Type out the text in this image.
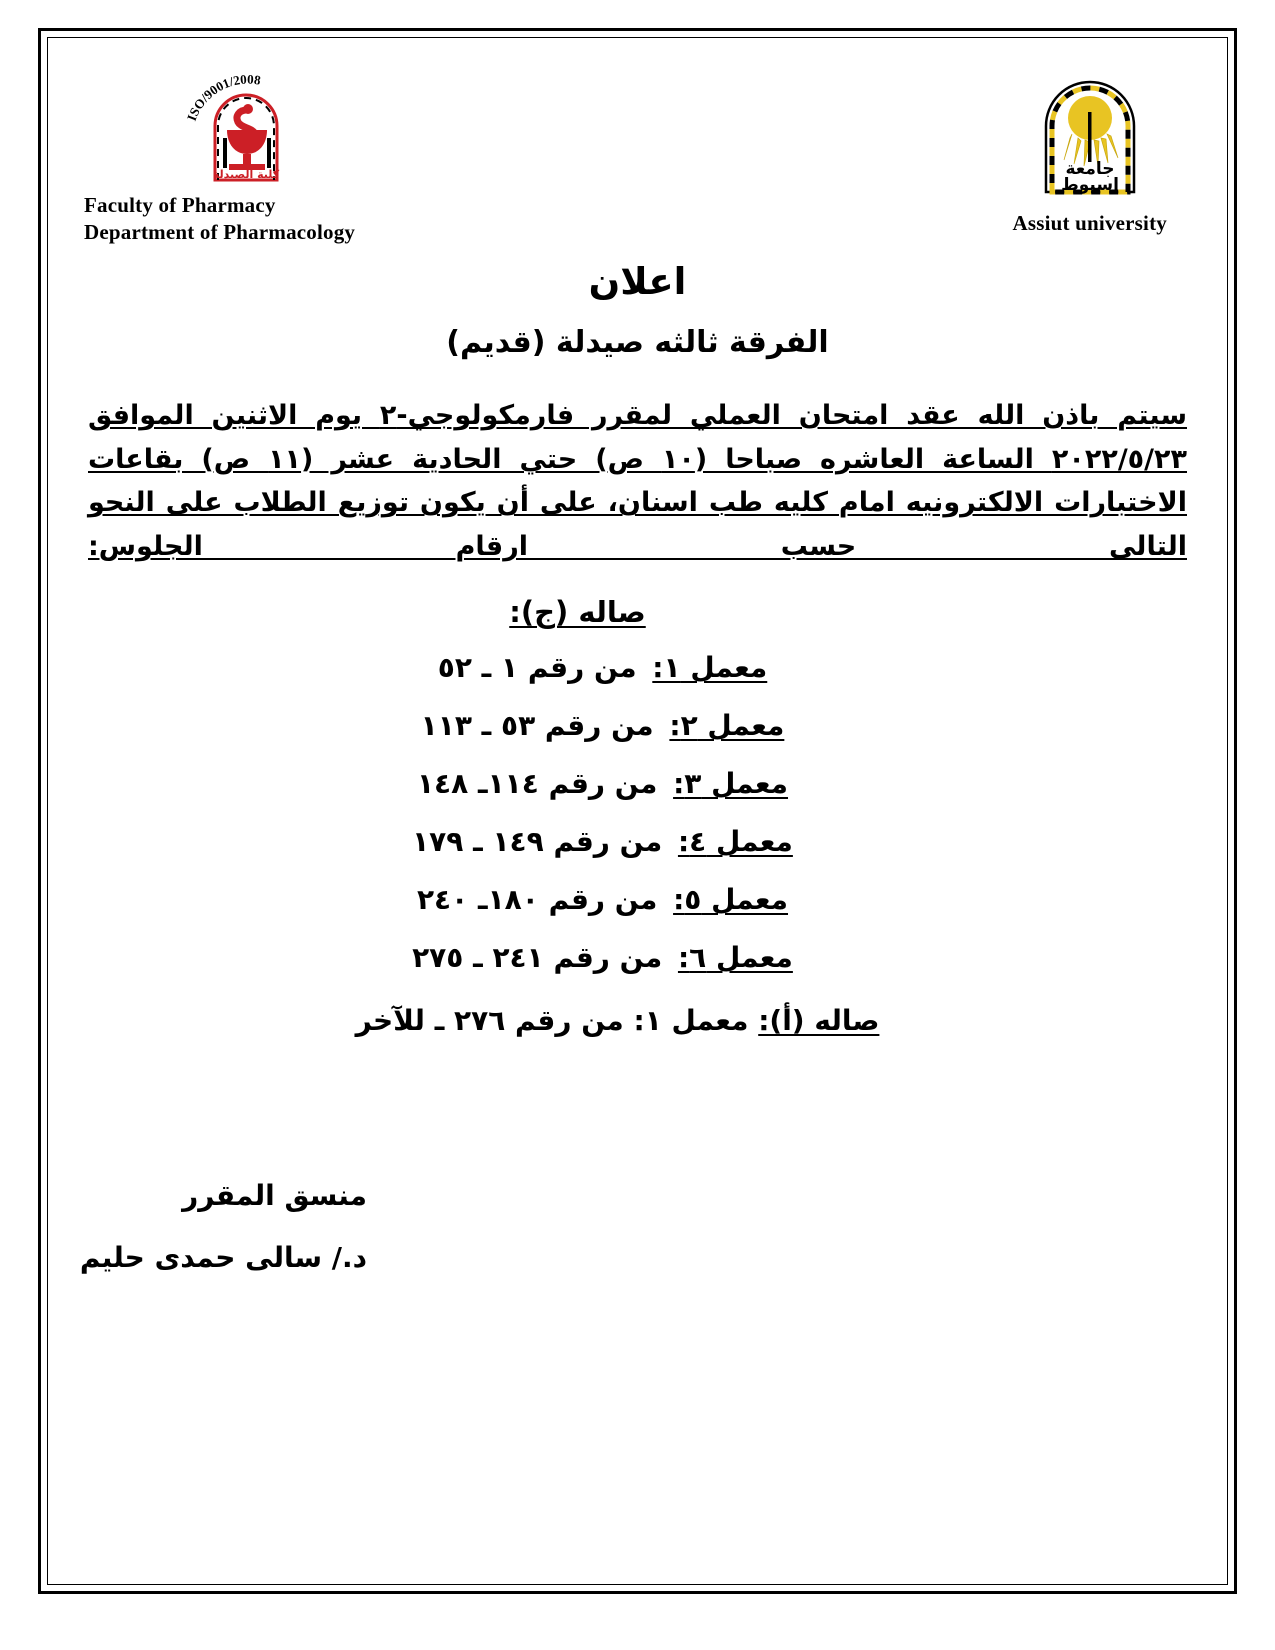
ISO/9001/2008
كلية الصيدلة
Faculty of Pharmacy
Department of Pharmacology
جامعة
اسيوط
Assiut university
اعلان
الفرقة ثالثه صيدلة (قديم)
سيتم باذن الله عقد امتحان العملي لمقرر فارمكولوجي-٢ يوم الاثنين الموافق ٢٠٢٢/٥/٢٣ الساعة العاشره صباحا (١٠ ص) حتي الحادية عشر (١١ ص) بقاعات الاختبارات الالكترونيه امام كليه طب اسنان، على أن يكون توزيع الطلاب على النحو التالى حسب ارقام الجلوس:
صاله (ج):
معمل ١: من رقم ١ ـ ٥٢
معمل ٢: من رقم ٥٣ ـ ١١٣
معمل ٣: من رقم ١١٤ـ ١٤٨
معمل ٤: من رقم ١٤٩ ـ ١٧٩
معمل ٥: من رقم ١٨٠ـ ٢٤٠
معمل ٦: من رقم ٢٤١ ـ ٢٧٥
صاله (أ): معمل ١: من رقم ٢٧٦ ـ للآخر
منسق المقرر
د./ سالى حمدى حليم
